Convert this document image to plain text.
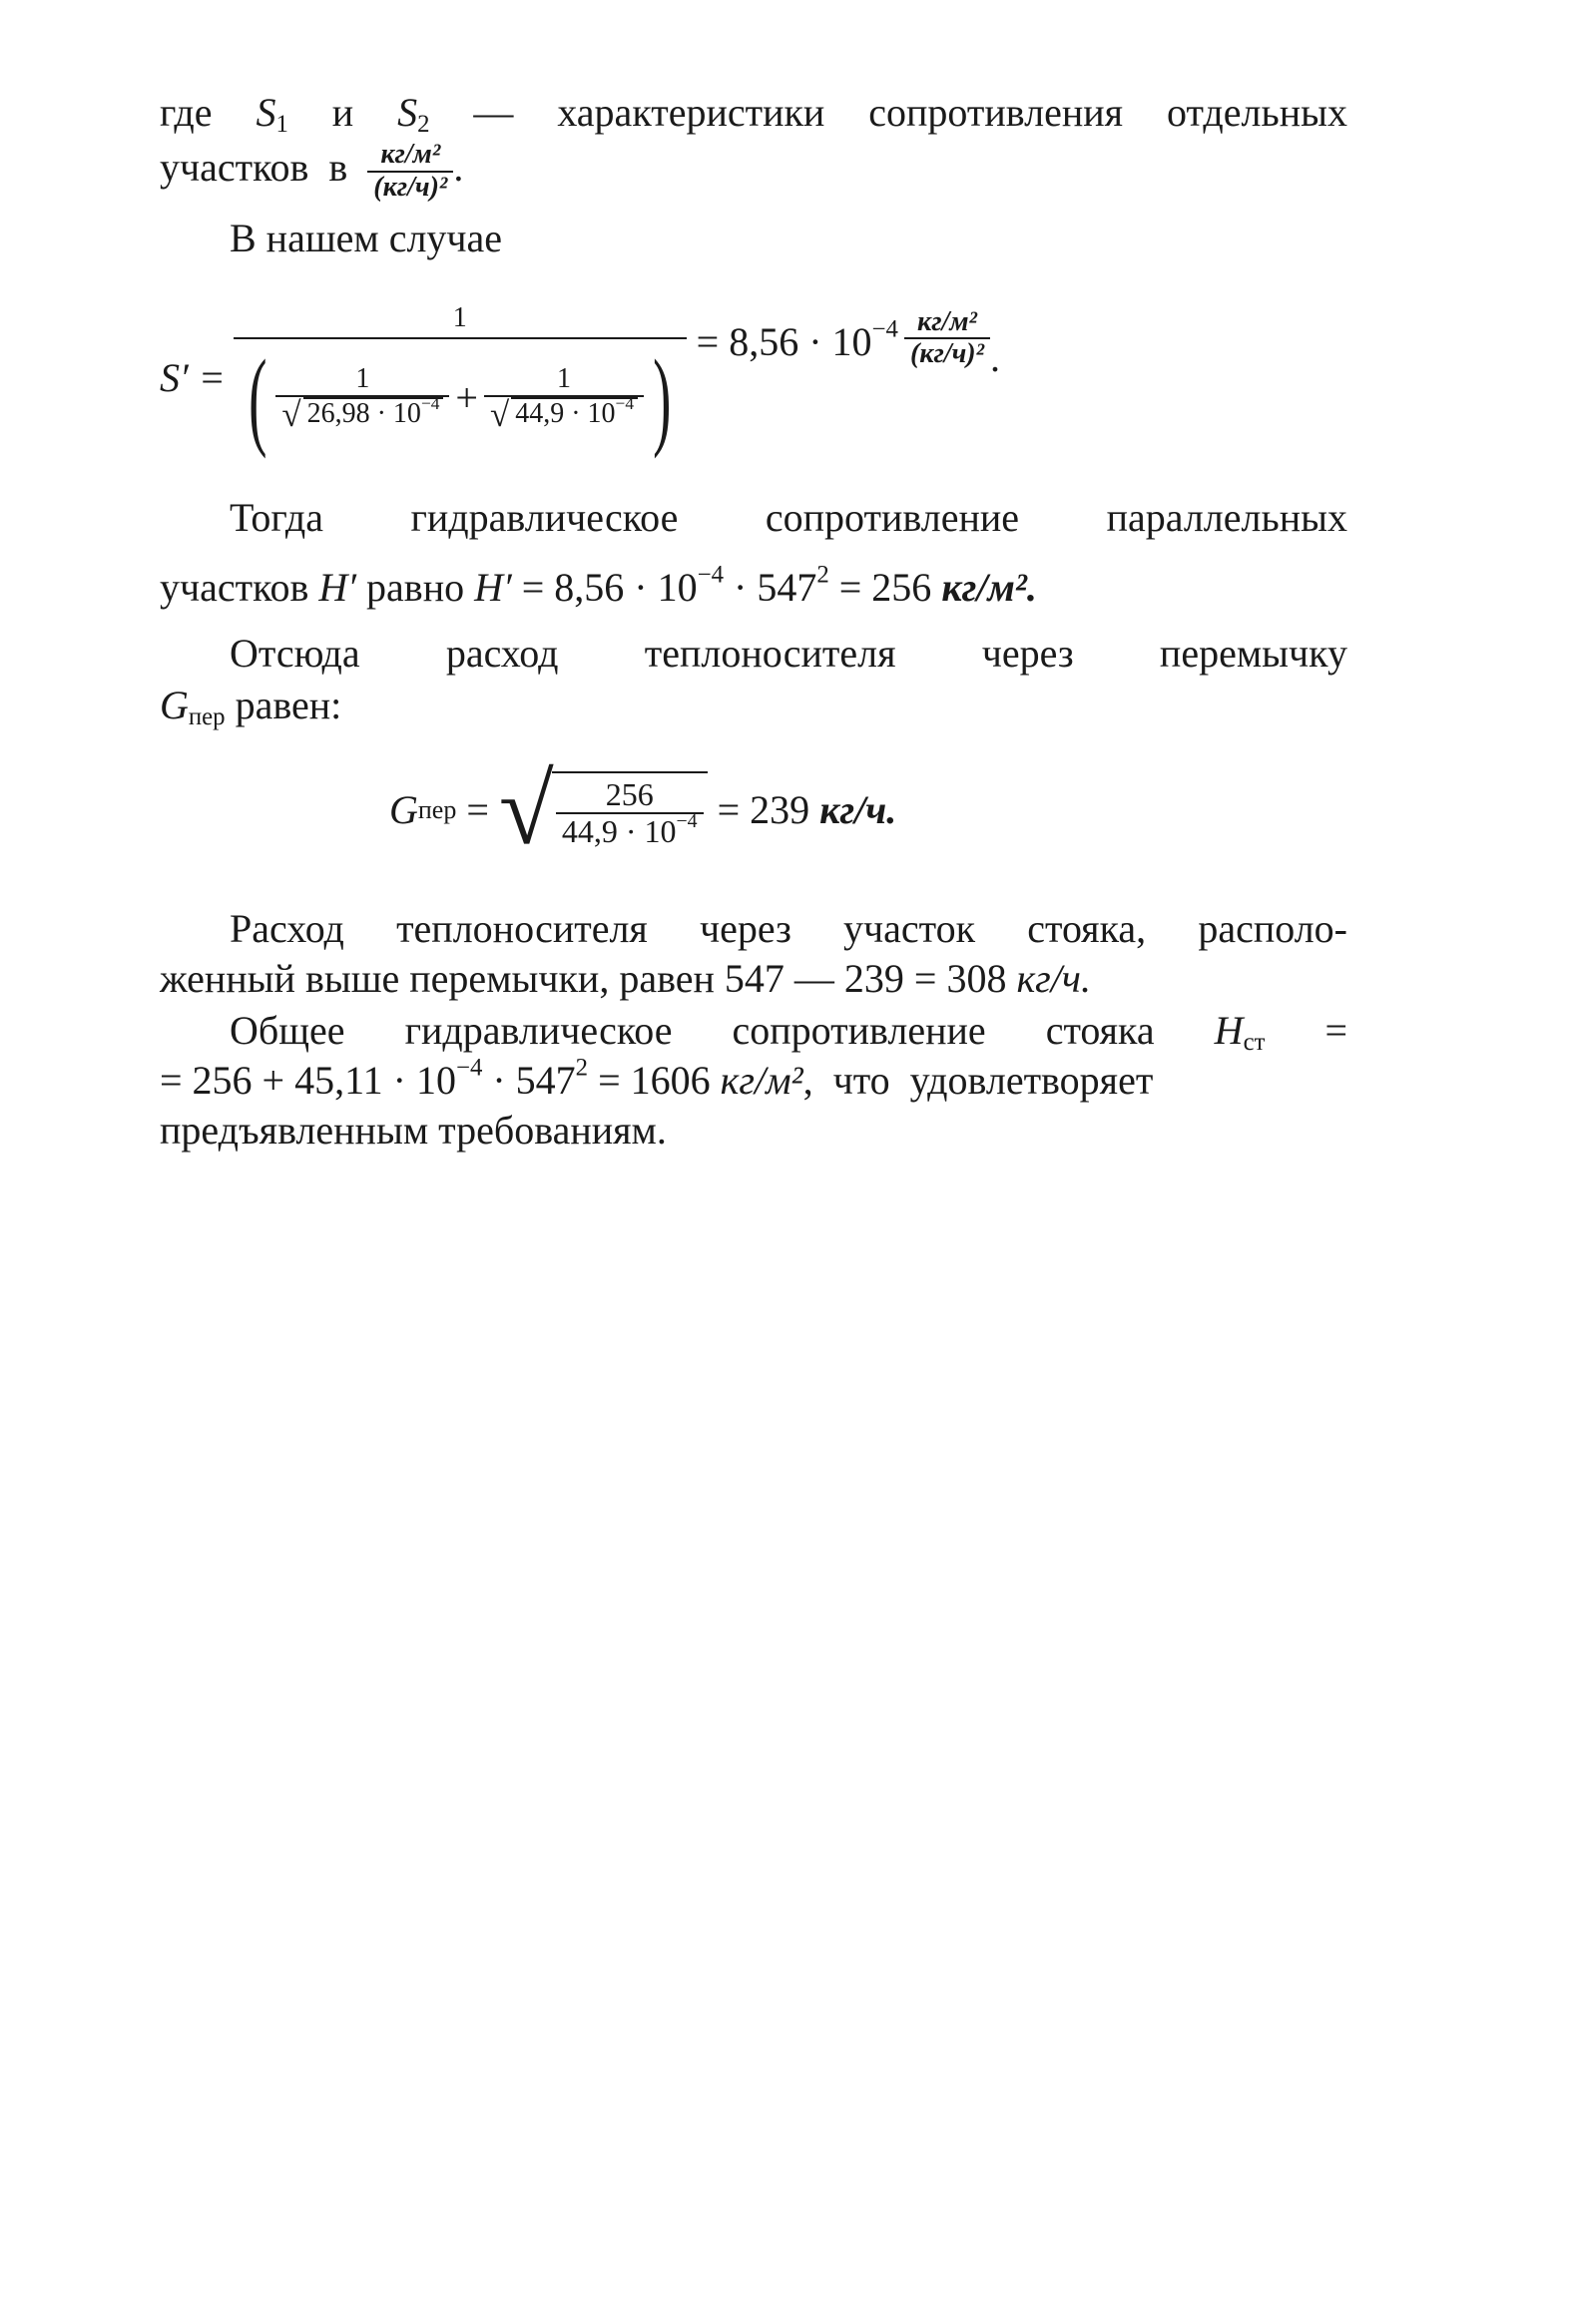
где $S_1$ и $S_2$ — характеристики сопротивления отдельных
участков  в $\frac{\text{кг/м²}}{\text{(кг/ч)²}}$ .
В нашем случае
S′ =
1
( $\frac{1}{√ 26,98 \cdot 10^{-4}} + \frac{1}{√ 44,9 \cdot 10^{-4}}$ ) = $8,56 \cdot 10^{-4} \frac{\text{кг/м²}}{\text{(кг/ч)²}}$ .
Тогда гидравлическое сопротивление параллельных
участков H′ равно $H' = 8,56 \cdot 10^{-4} \cdot 547^2 = 256$ кг/м².
Отсюда расход теплоносителя через перемычку
$G_{пер}$ равен:
G пер = √ $\frac{256}{44,9 \cdot 10^{-4}} = 239$ кг/ч.
Расход теплоносителя через участок стояка, располо-
женный выше перемычки, равен 547 — 239 = 308 кг/ч.
Общее гидравлическое сопротивление стояка $H_{ст}$ =
= $256 + 45,11 \cdot 10^{-4} \cdot 547^2 = 1606$ кг/м²,  что  удовлетворяет
предъявленным требованиям.
